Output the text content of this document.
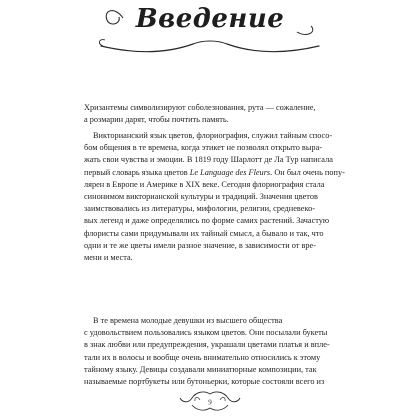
Введение
Хризантемы символизируют соболезнования, рута — сожаление,
а розмарин дарят, чтобы почтить память.
Викторианский язык цветов, флориография, служил тайным спосо-
бом общения в те времена, когда этикет не позволял открыто выра-
жать свои чувства и эмоции. В 1819 году Шарлотт де Ла Тур написала
первый словарь языка цветов Le Language des Fleurs. Он был очень попу-
лярен в Европе и Америке в XIX веке. Сегодня флориография стала
синонимом викторианской культуры и традиций. Значения цветов
заимствовались из литературы, мифологии, религии, средневеко-
вых легенд и даже определялись по форме самих растений. Зачастую
флористы сами придумывали их тайный смысл, а бывало и так, что
одни и те же цветы имели разное значение, в зависимости от вре-
мени и места.
В те времена молодые девушки из высшего общества
с удовольствием пользовались языком цветов. Они посылали букеты
в знак любви или предупреждения, украшали цветами платья и впле-
тали их в волосы и вообще очень внимательно относились к этому
тайному языку. Девицы создавали миниатюрные композиции, так
называемые портбукеты или бутоньерки, которые состояли всего из
9
